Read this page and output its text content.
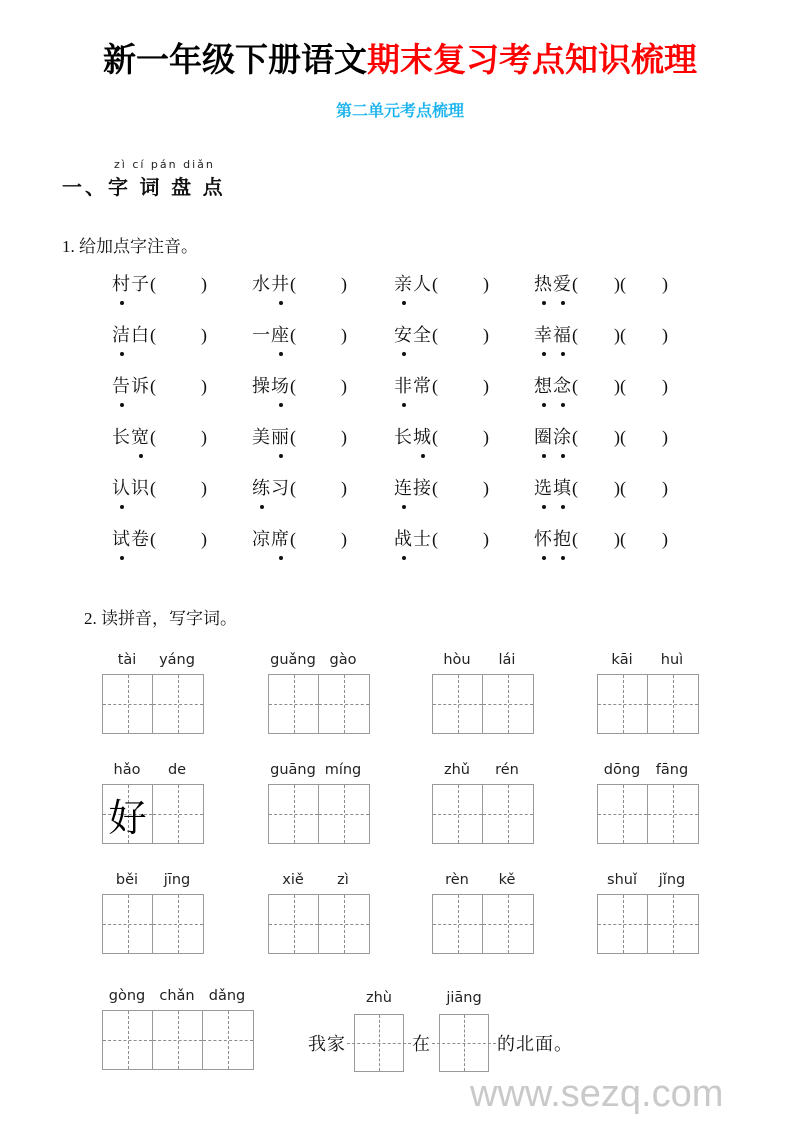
新一年级下册语文期末复习考点知识梳理
第二单元考点梳理
zì cí pán diǎn
一、字 词 盘 点
1. 给加点字注音。
村子(   )	水井(   )	亲人(   )	热爱(  )(  )
洁白(   )	一座(   )	安全(   )	幸福(  )(  )
告诉(   )	操场(   )	非常(   )	想念(  )(  )
长宽(   )	美丽(   )	长城(   )	圈涂(  )(  )
认识(   )	练习(   )	连接(   )	选填(  )(  )
试卷(   )	凉席(   )	战士(   )	怀抱(  )(  )
2. 读拼音，写字词。
tài	yáng	guǎng gào	hòu	lái	kāi	huì
hǎo	de
好
guāng míng	zhǔ	rén	dōng	fāng
běi	jīng	xiě	zì	rèn	kě	shuǐ	jǐng
gòng chǎn dǎng
我家
zhù
在
jiāng
的北面。
www.sezq.com
